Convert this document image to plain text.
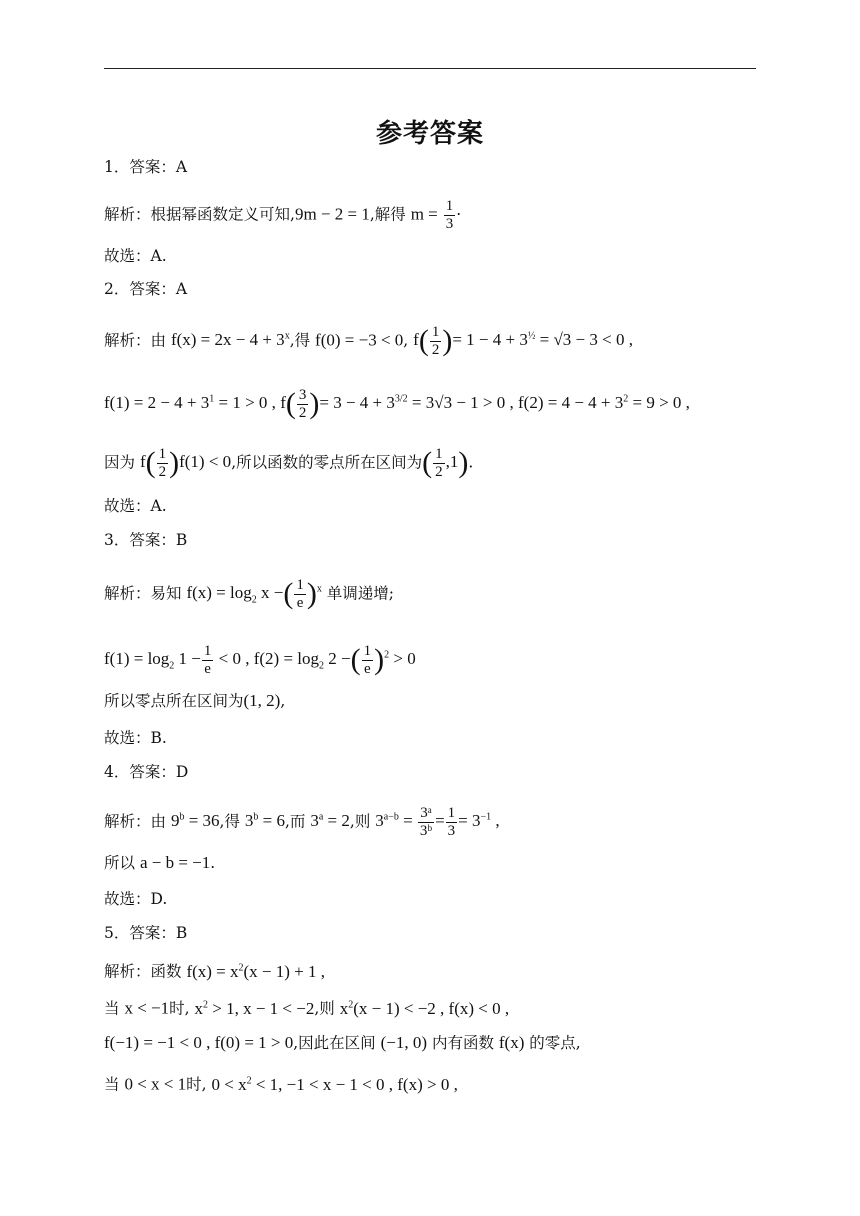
参考答案
1．答案：A
解析：根据幂函数定义可知,9m − 2 = 1,解得 $m = \frac{1}{3}$ ·
故选：A.
2．答案：A
解析：由 $f(x) = 2x - 4 + 3^x$,得 f(0) = −3 < 0, $f( \frac{1}{2}$ )= $1 - 4 + 3^{\frac{1}{2}} = √3 - 3 < 0$ ,
$f(1) = 2 - 4 + 3^1 = 1 > 0$ , $f( \frac{3}{2}$ )= $3 - 4 + 3^{3/2} = 3√3 - 1 > 0$ , $f(2) = 4 - 4 + 3^2 = 9 > 0$ ,
因为 $f( \frac{1}{2} )f(1) < 0$,所以函数的零点所在区间为( $\frac{1}{2} ,1$).
故选：A.
3．答案：B
解析：易知 $f(x) = \log_2 x$ −( $\frac{1}{e} )^x$ 单调递增;
$f(1) = \log_2 1 - \frac{1}{e} < 0$ , $f(2) = \log_2 2$ −( $\frac{1}{e} )^2 > 0$
所以零点所在区间为(1, 2),
故选：B.
4．答案：D
解析：由 $9^b = 36$,得 $3^b = 6$,而 $3^a = 2$,则 $3^{a-b} = \frac{\text{3ᵃ}}{\text{3ᵇ}} = \frac{1}{3} = 3^{-1}$ ,
所以 a − b = −1.
故选：D.
5．答案：B
解析：函数 $f(x) = x^2(x - 1) + 1$ ,
当 x < −1时, $x^2 > 1$, x − 1 < −2,则 $x^2(x - 1) < -2$ , f(x) < 0 ,
f(−1) = −1 < 0 , f(0) = 1 > 0,因此在区间 (−1, 0) 内有函数 f(x) 的零点,
当 0 < x < 1时, $0 < x^2 < 1$, −1 < x − 1 < 0 , f(x) > 0 ,
